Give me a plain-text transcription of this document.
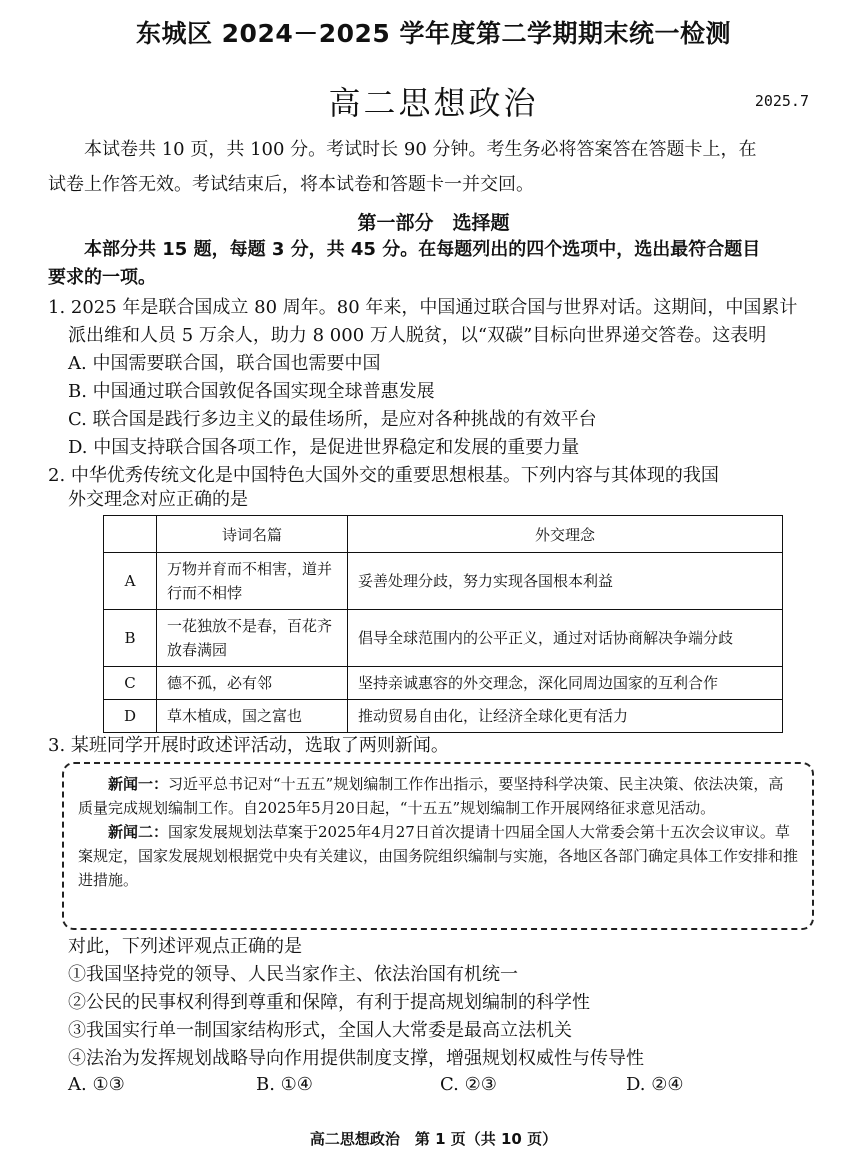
东城区 2024－2025 学年度第二学期期末统一检测
高二思想政治	2025.7

本试卷共 10 页，共 100 分。考试时长 90 分钟。考生务必将答案答在答题卡上，在

试卷上作答无效。考试结束后，将本试卷和答题卡一并交回。

第一部分　选择题

本部分共 15 题，每题 3 分，共 45 分。在每题列出的四个选项中，选出最符合题目

要求的一项。

1. 2025 年是联合国成立 80 周年。80 年来，中国通过联合国与世界对话。这期间，中国累计

派出维和人员 5 万余人，助力 8 000 万人脱贫，以“双碳”目标向世界递交答卷。这表明

A. 中国需要联合国，联合国也需要中国

B. 中国通过联合国敦促各国实现全球普惠发展

C. 联合国是践行多边主义的最佳场所，是应对各种挑战的有效平台

D. 中国支持联合国各项工作，是促进世界稳定和发展的重要力量

2. 中华优秀传统文化是中国特色大国外交的重要思想根基。下列内容与其体现的我国

外交理念对应正确的是

	诗词名篇	外交理念
A	万物并育而不相害，道并行而不相悖	妥善处理分歧，努力实现各国根本利益
B	一花独放不是春，百花齐放春满园	倡导全球范围内的公平正义，通过对话协商解决争端分歧
C	德不孤，必有邻	坚持亲诚惠容的外交理念，深化同周边国家的互利合作
D	草木植成，国之富也	推动贸易自由化，让经济全球化更有活力

3. 某班同学开展时政述评活动，选取了两则新闻。

新闻一：习近平总书记对“十五五”规划编制工作作出指示，要坚持科学决策、民主决策、依法决策，高质量完成规划编制工作。自2025年5月20日起，“十五五”规划编制工作开展网络征求意见活动。

新闻二：国家发展规划法草案于2025年4月27日首次提请十四届全国人大常委会第十五次会议审议。草案规定，国家发展规划根据党中央有关建议，由国务院组织编制与实施，各地区各部门确定具体工作安排和推进措施。

对此，下列述评观点正确的是

①我国坚持党的领导、人民当家作主、依法治国有机统一

②公民的民事权利得到尊重和保障，有利于提高规划编制的科学性

③我国实行单一制国家结构形式，全国人大常委是最高立法机关

④法治为发挥规划战略导向作用提供制度支撑，增强规划权威性与传导性

A. ①③	B. ①④	C. ②③	D. ②④
高二思想政治　第 1 页（共 10 页）
